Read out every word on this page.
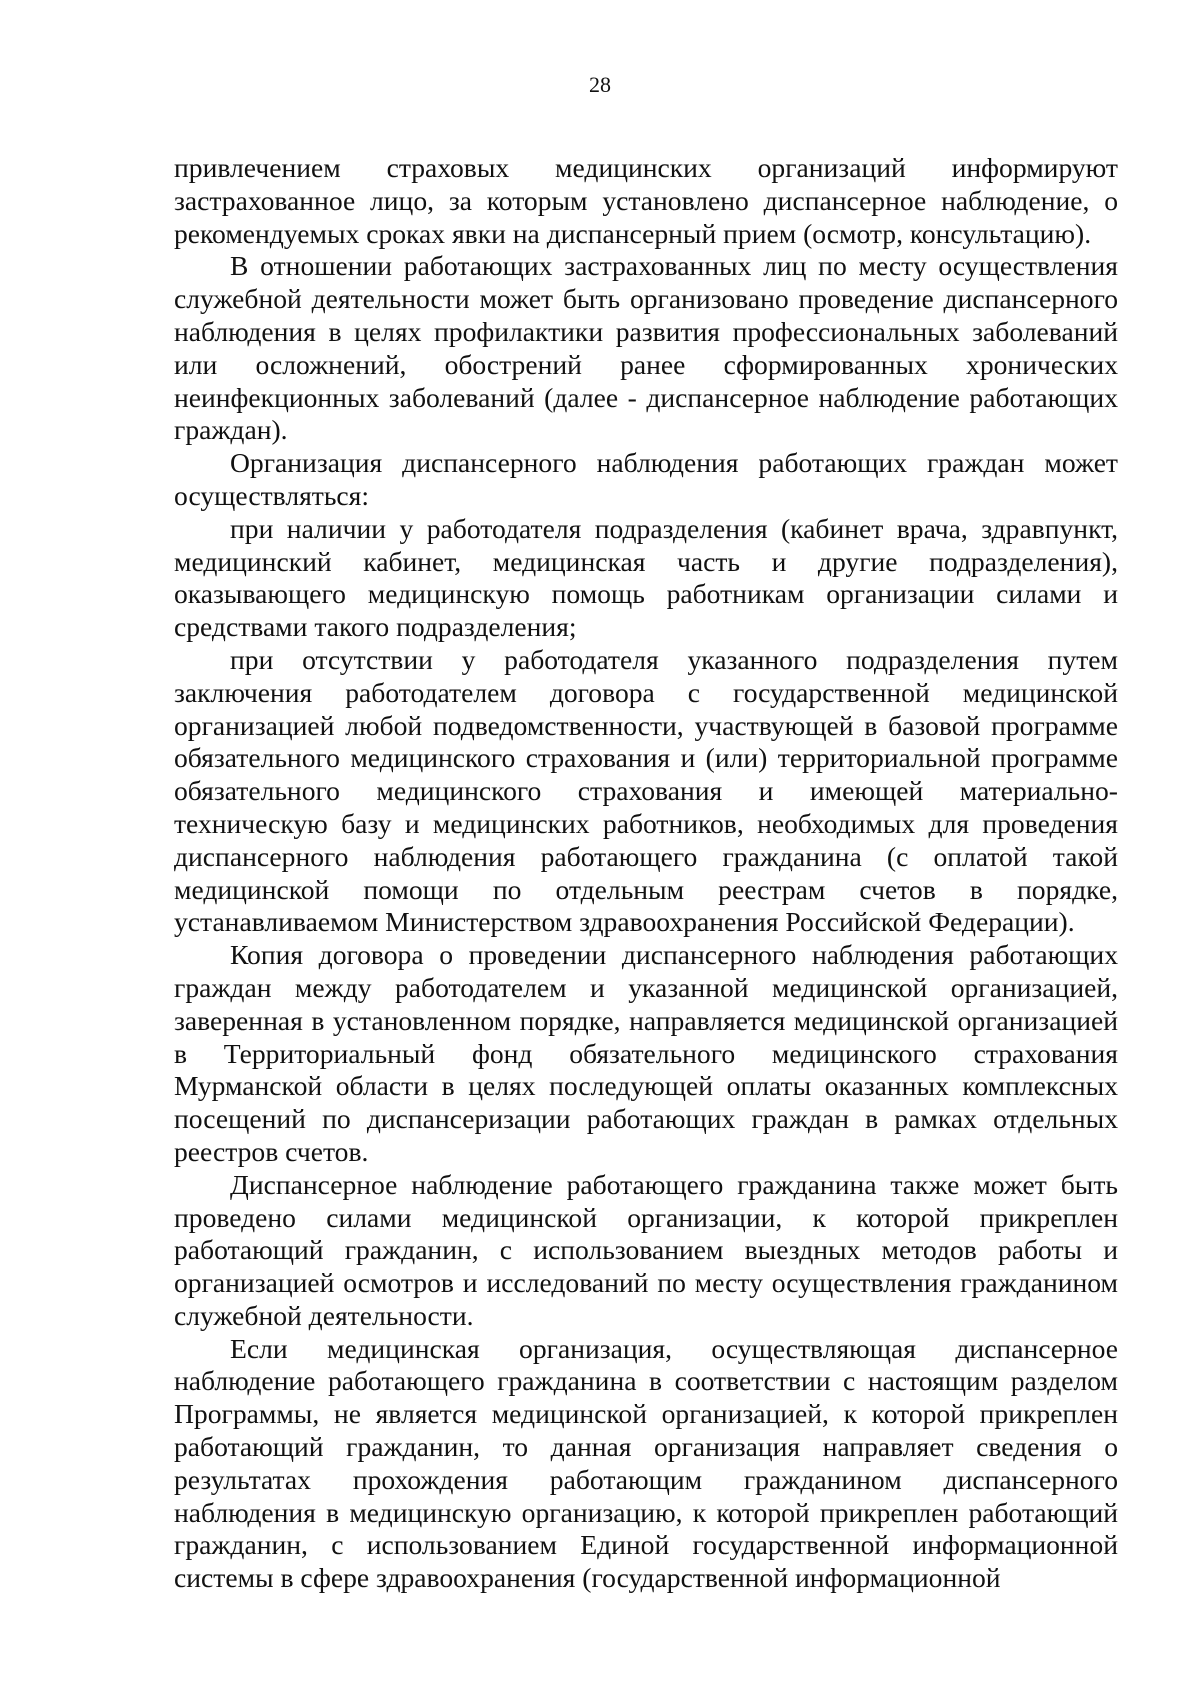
28

привлечением страховых медицинских организаций информируют застрахованное лицо, за которым установлено диспансерное наблюдение, о рекомендуемых сроках явки на диспансерный прием (осмотр, консультацию).

В отношении работающих застрахованных лиц по месту осуществления служебной деятельности может быть организовано проведение диспансерного наблюдения в целях профилактики развития профессиональных заболеваний или осложнений, обострений ранее сформированных хронических неинфекционных заболеваний (далее - диспансерное наблюдение работающих граждан).

Организация диспансерного наблюдения работающих граждан может осуществляться:

при наличии у работодателя подразделения (кабинет врача, здравпункт, медицинский кабинет, медицинская часть и другие подразделения), оказывающего медицинскую помощь работникам организации силами и средствами такого подразделения;

при отсутствии у работодателя указанного подразделения путем заключения работодателем договора с государственной медицинской организацией любой подведомственности, участвующей в базовой программе обязательного медицинского страхования и (или) территориальной программе обязательного медицинского страхования и имеющей материально-техническую базу и медицинских работников, необходимых для проведения диспансерного наблюдения работающего гражданина (с оплатой такой медицинской помощи по отдельным реестрам счетов в порядке, устанавливаемом Министерством здравоохранения Российской Федерации).

Копия договора о проведении диспансерного наблюдения работающих граждан между работодателем и указанной медицинской организацией, заверенная в установленном порядке, направляется медицинской организацией в Территориальный фонд обязательного медицинского страхования Мурманской области в целях последующей оплаты оказанных комплексных посещений по диспансеризации работающих граждан в рамках отдельных реестров счетов.

Диспансерное наблюдение работающего гражданина также может быть проведено силами медицинской организации, к которой прикреплен работающий гражданин, с использованием выездных методов работы и организацией осмотров и исследований по месту осуществления гражданином служебной деятельности.

Если медицинская организация, осуществляющая диспансерное наблюдение работающего гражданина в соответствии с настоящим разделом Программы, не является медицинской организацией, к которой прикреплен работающий гражданин, то данная организация направляет сведения о результатах прохождения работающим гражданином диспансерного наблюдения в медицинскую организацию, к которой прикреплен работающий гражданин, с использованием Единой государственной информационной системы в сфере здравоохранения (государственной информационной
